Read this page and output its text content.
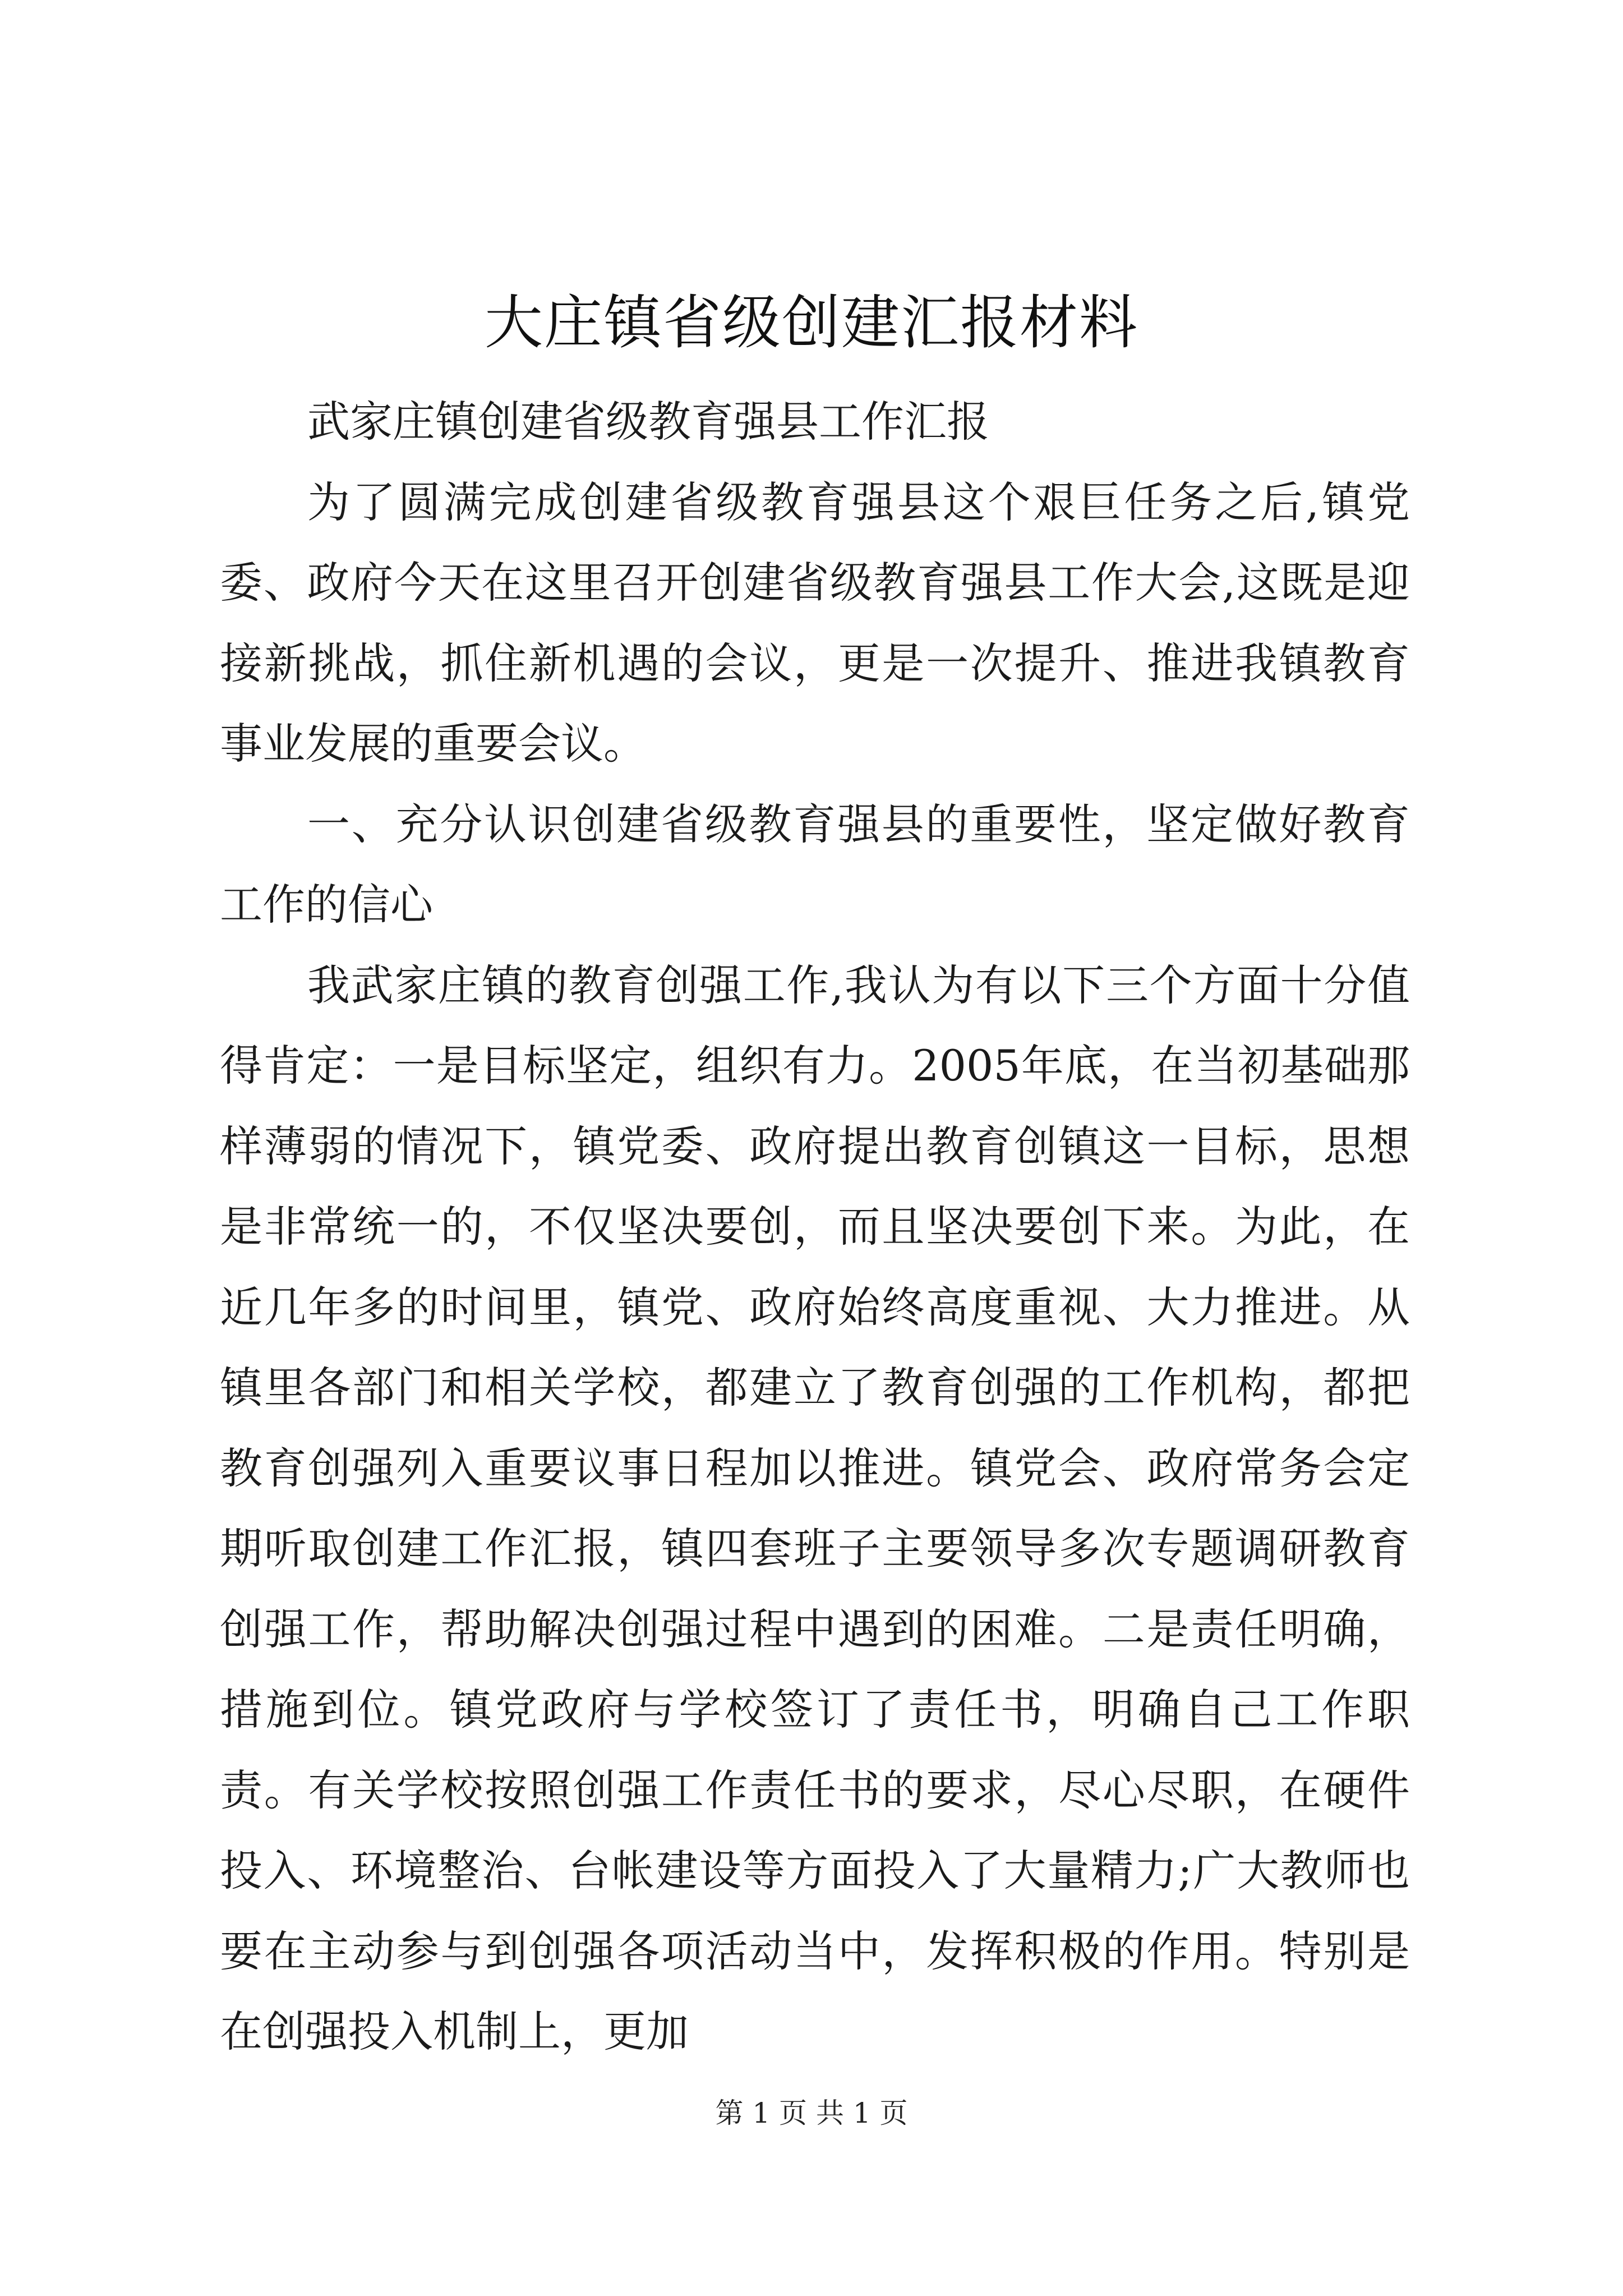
大庄镇省级创建汇报材料

武家庄镇创建省级教育强县工作汇报

为了圆满完成创建省级教育强县这个艰巨任务之后,镇党委、政府今天在这里召开创建省级教育强县工作大会,这既是迎接新挑战，抓住新机遇的会议，更是一次提升、推进我镇教育事业发展的重要会议。

一、充分认识创建省级教育强县的重要性，坚定做好教育工作的信心

我武家庄镇的教育创强工作,我认为有以下三个方面十分值得肯定：一是目标坚定，组织有力。2005年底，在当初基础那样薄弱的情况下，镇党委、政府提出教育创镇这一目标，思想是非常统一的，不仅坚决要创，而且坚决要创下来。为此，在近几年多的时间里，镇党、政府始终高度重视、大力推进。从镇里各部门和相关学校，都建立了教育创强的工作机构，都把教育创强列入重要议事日程加以推进。镇党会、政府常务会定期听取创建工作汇报，镇四套班子主要领导多次专题调研教育创强工作，帮助解决创强过程中遇到的困难。二是责任明确，措施到位。镇党政府与学校签订了责任书，明确自己工作职责。有关学校按照创强工作责任书的要求，尽心尽职，在硬件投入、环境整治、台帐建设等方面投入了大量精力;广大教师也要在主动参与到创强各项活动当中，发挥积极的作用。特别是在创强投入机制上，更加

第 1 页 共 1 页
